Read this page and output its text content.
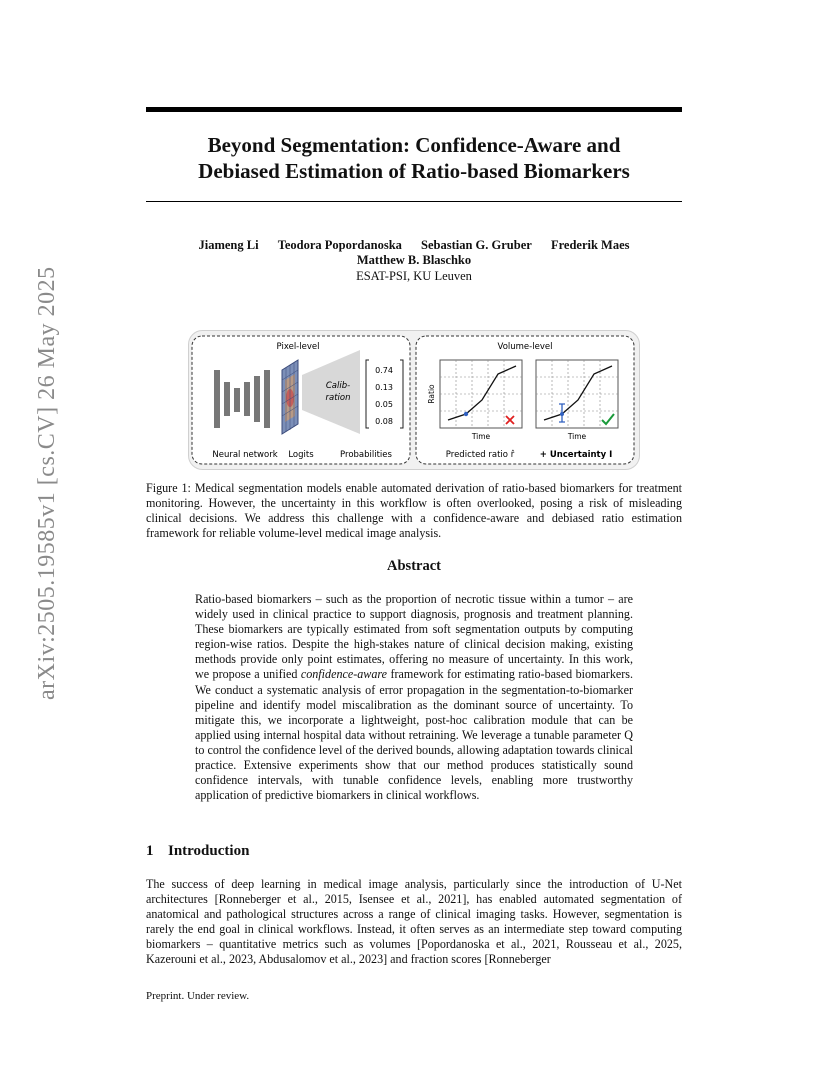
arXiv:2505.19585v1 [cs.CV] 26 May 2025
Beyond Segmentation: Confidence-Aware and
Debiased Estimation of Ratio-based Biomarkers
Jiameng Li Teodora Popordanoska Sebastian G. Gruber Frederik Maes
Matthew B. Blaschko
ESAT-PSI, KU Leuven
Pixel-level	Volume-level
Calib-
ration
0.74
0.13
0.05
0.08
Neural network Logits	Probabilities
Ratio
Time	Time
Predicted ratio r̂	+ Uncertainty I
Figure 1: Medical segmentation models enable automated derivation of ratio-based biomarkers for treatment monitoring. However, the uncertainty in this workflow is often overlooked, posing a risk of misleading clinical decisions. We address this challenge with a confidence-aware and debiased ratio estimation framework for reliable volume-level medical image analysis.
Abstract
Ratio-based biomarkers – such as the proportion of necrotic tissue within a tumor – are widely used in clinical practice to support diagnosis, prognosis and treatment planning. These biomarkers are typically estimated from soft segmentation outputs by computing region-wise ratios. Despite the high-stakes nature of clinical decision making, existing methods provide only point estimates, offering no measure of uncertainty. In this work, we propose a unified confidence-aware framework for estimating ratio-based biomarkers. We conduct a systematic analysis of error propagation in the segmentation-to-biomarker pipeline and identify model miscalibration as the dominant source of uncertainty. To mitigate this, we incorporate a lightweight, post-hoc calibration module that can be applied using internal hospital data without retraining. We leverage a tunable parameter Q to control the confidence level of the derived bounds, allowing adaptation towards clinical practice. Extensive experiments show that our method produces statistically sound confidence intervals, with tunable confidence levels, enabling more trustworthy application of predictive biomarkers in clinical workflows.
1 Introduction
The success of deep learning in medical image analysis, particularly since the introduction of U-Net architectures [Ronneberger et al., 2015, Isensee et al., 2021], has enabled automated segmentation of anatomical and pathological structures across a range of clinical imaging tasks. However, segmentation is rarely the end goal in clinical workflows. Instead, it often serves as an intermediate step toward computing biomarkers – quantitative metrics such as volumes [Popordanoska et al., 2021, Rousseau et al., 2025, Kazerouni et al., 2023, Abdusalomov et al., 2023] and fraction scores [Ronneberger
Preprint. Under review.
